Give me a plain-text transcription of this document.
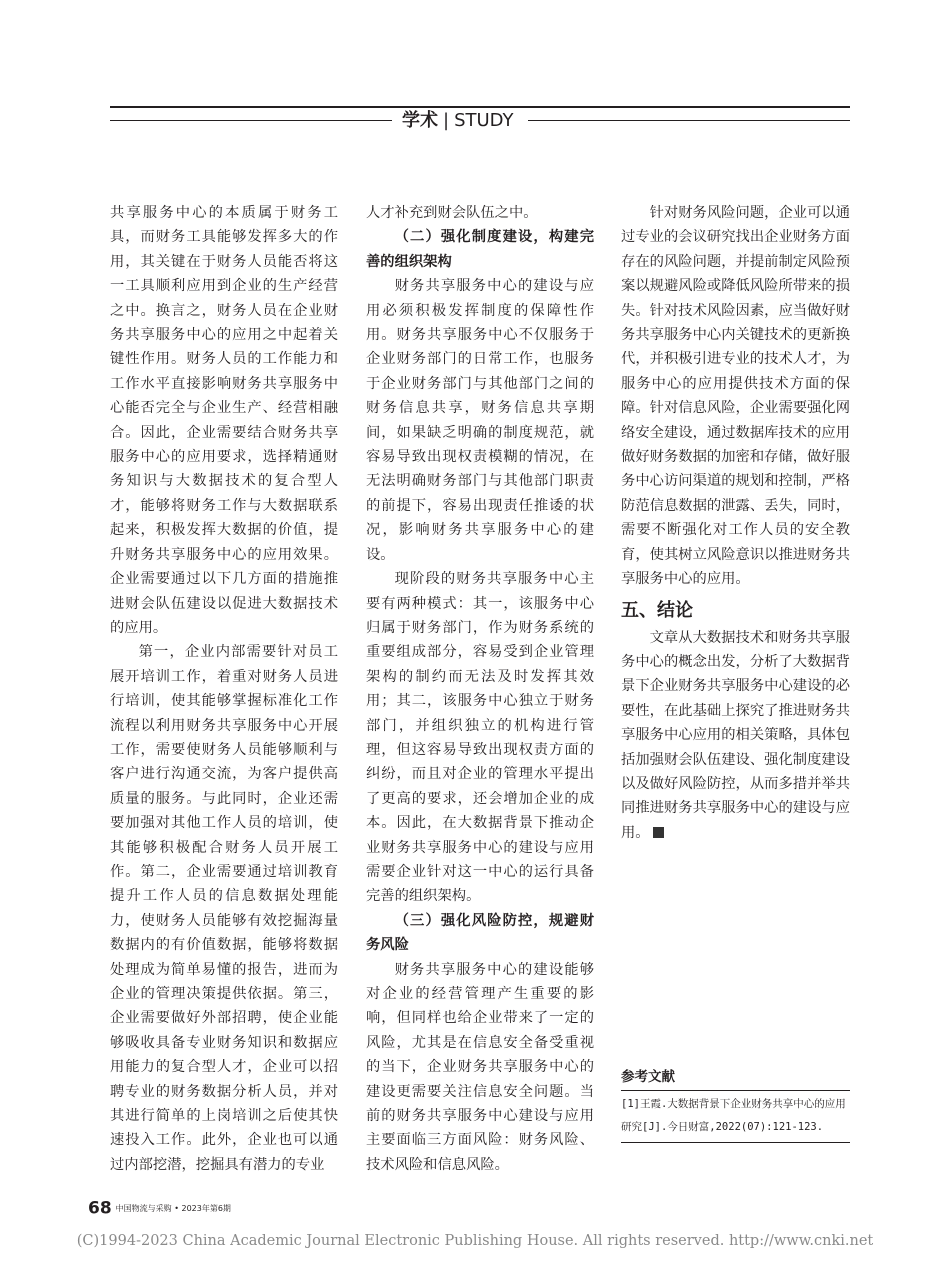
学术 | STUDY

共享服务中心的本质属于财务工具，而财务工具能够发挥多大的作用，其关键在于财务人员能否将这一工具顺利应用到企业的生产经营之中。换言之，财务人员在企业财务共享服务中心的应用之中起着关键性作用。财务人员的工作能力和工作水平直接影响财务共享服务中心能否完全与企业生产、经营相融合。因此，企业需要结合财务共享服务中心的应用要求，选择精通财务知识与大数据技术的复合型人才，能够将财务工作与大数据联系起来，积极发挥大数据的价值，提升财务共享服务中心的应用效果。企业需要通过以下几方面的措施推进财会队伍建设以促进大数据技术的应用。

第一，企业内部需要针对员工展开培训工作，着重对财务人员进行培训，使其能够掌握标准化工作流程以利用财务共享服务中心开展工作，需要使财务人员能够顺利与客户进行沟通交流，为客户提供高质量的服务。与此同时，企业还需要加强对其他工作人员的培训，使其能够积极配合财务人员开展工作。第二，企业需要通过培训教育提升工作人员的信息数据处理能力，使财务人员能够有效挖掘海量数据内的有价值数据，能够将数据处理成为简单易懂的报告，进而为企业的管理决策提供依据。第三，企业需要做好外部招聘，使企业能够吸收具备专业财务知识和数据应用能力的复合型人才，企业可以招聘专业的财务数据分析人员，并对其进行简单的上岗培训之后使其快速投入工作。此外，企业也可以通过内部挖潜，挖掘具有潜力的专业

人才补充到财会队伍之中。

（二）强化制度建设，构建完善的组织架构

财务共享服务中心的建设与应用必须积极发挥制度的保障性作用。财务共享服务中心不仅服务于企业财务部门的日常工作，也服务于企业财务部门与其他部门之间的财务信息共享，财务信息共享期间，如果缺乏明确的制度规范，就容易导致出现权责模糊的情况，在无法明确财务部门与其他部门职责的前提下，容易出现责任推诿的状况，影响财务共享服务中心的建设。

现阶段的财务共享服务中心主要有两种模式：其一，该服务中心归属于财务部门，作为财务系统的重要组成部分，容易受到企业管理架构的制约而无法及时发挥其效用；其二，该服务中心独立于财务部门，并组织独立的机构进行管理，但这容易导致出现权责方面的纠纷，而且对企业的管理水平提出了更高的要求，还会增加企业的成本。因此，在大数据背景下推动企业财务共享服务中心的建设与应用需要企业针对这一中心的运行具备完善的组织架构。

（三）强化风险防控，规避财务风险

财务共享服务中心的建设能够对企业的经营管理产生重要的影响，但同样也给企业带来了一定的风险，尤其是在信息安全备受重视的当下，企业财务共享服务中心的建设更需要关注信息安全问题。当前的财务共享服务中心建设与应用主要面临三方面风险：财务风险、技术风险和信息风险。

针对财务风险问题，企业可以通过专业的会议研究找出企业财务方面存在的风险问题，并提前制定风险预案以规避风险或降低风险所带来的损失。针对技术风险因素，应当做好财务共享服务中心内关键技术的更新换代，并积极引进专业的技术人才，为服务中心的应用提供技术方面的保障。针对信息风险，企业需要强化网络安全建设，通过数据库技术的应用做好财务数据的加密和存储，做好服务中心访问渠道的规划和控制，严格防范信息数据的泄露、丢失，同时，需要不断强化对工作人员的安全教育，使其树立风险意识以推进财务共享服务中心的应用。

五、结论

文章从大数据技术和财务共享服务中心的概念出发，分析了大数据背景下企业财务共享服务中心建设的必要性，在此基础上探究了推进财务共享服务中心应用的相关策略，具体包括加强财会队伍建设、强化制度建设以及做好风险防控，从而多措并举共同推进财务共享服务中心的建设与应用。

参考文献
[1]王霞.大数据背景下企业财务共享中心的应用研究[J].今日财富,2022(07):121-123.
68 中国物流与采购 • 2023年第6期
(C)1994-2023 China Academic Journal Electronic Publishing House. All rights reserved. http://www.cnki.net
